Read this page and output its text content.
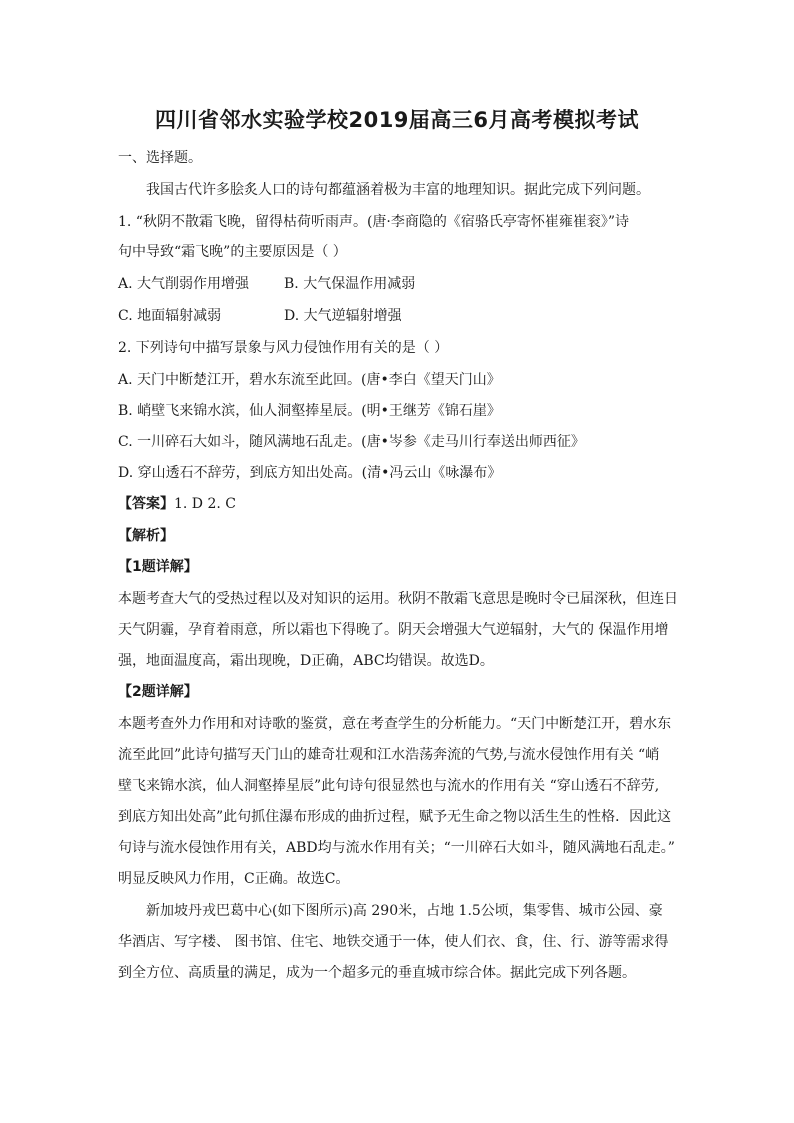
四川省邻水实验学校2019届高三6月高考模拟考试
一、选择题。
我国古代许多脍炙人口的诗句都蕴涵着极为丰富的地理知识。据此完成下列问题。
1. “秋阴不散霜飞晚，留得枯荷听雨声。(唐·李商隐的《宿骆氏亭寄怀崔雍崔衮》”诗
句中导致“霜飞晚”的主要原因是（ ）
A. 大气削弱作用增强 B. 大气保温作用减弱
C. 地面辐射减弱	D. 大气逆辐射增强
2. 下列诗句中描写景象与风力侵蚀作用有关的是（ ）
A. 天门中断楚江开，碧水东流至此回。(唐•李白《望天门山》
B. 峭壁飞来锦水滨，仙人洞壑捧星辰。(明•王继芳《锦石崖》
C. 一川碎石大如斗，随风满地石乱走。(唐•岑参《走马川行奉送出师西征》
D. 穿山透石不辞劳，到底方知出处高。(清•冯云山《咏瀑布》
【答案】1. D 2. C
【解析】
【1题详解】
本题考查大气的受热过程以及对知识的运用。秋阴不散霜飞意思是晚时令已届深秋，但连日
天气阴霾，孕育着雨意，所以霜也下得晚了。阴天会增强大气逆辐射，大气的 保温作用增
强，地面温度高，霜出现晚，D正确，ABC均错误。故选D。
【2题详解】
本题考查外力作用和对诗歌的鉴赏，意在考查学生的分析能力。“天门中断楚江开，碧水东
流至此回”此诗句描写天门山的雄奇壮观和江水浩荡奔流的气势,与流水侵蚀作用有关 “峭
壁飞来锦水滨，仙人洞壑捧星辰”此句诗句很显然也与流水的作用有关 “穿山透石不辞劳,
到底方知出处高”此句抓住瀑布形成的曲折过程，赋予无生命之物以活生生的性格．因此这
句诗与流水侵蚀作用有关，ABD均与流水作用有关；“一川碎石大如斗，随风满地石乱走。”
明显反映风力作用，C正确。故选C。
新加坡丹戎巴葛中心(如下图所示)高 290米，占地 1.5公顷，集零售、城市公园、豪
华酒店、写字楼、 图书馆、住宅、地铁交通于一体，使人们衣、食，住、行、游等需求得
到全方位、高质量的满足，成为一个超多元的垂直城市综合体。据此完成下列各题。
